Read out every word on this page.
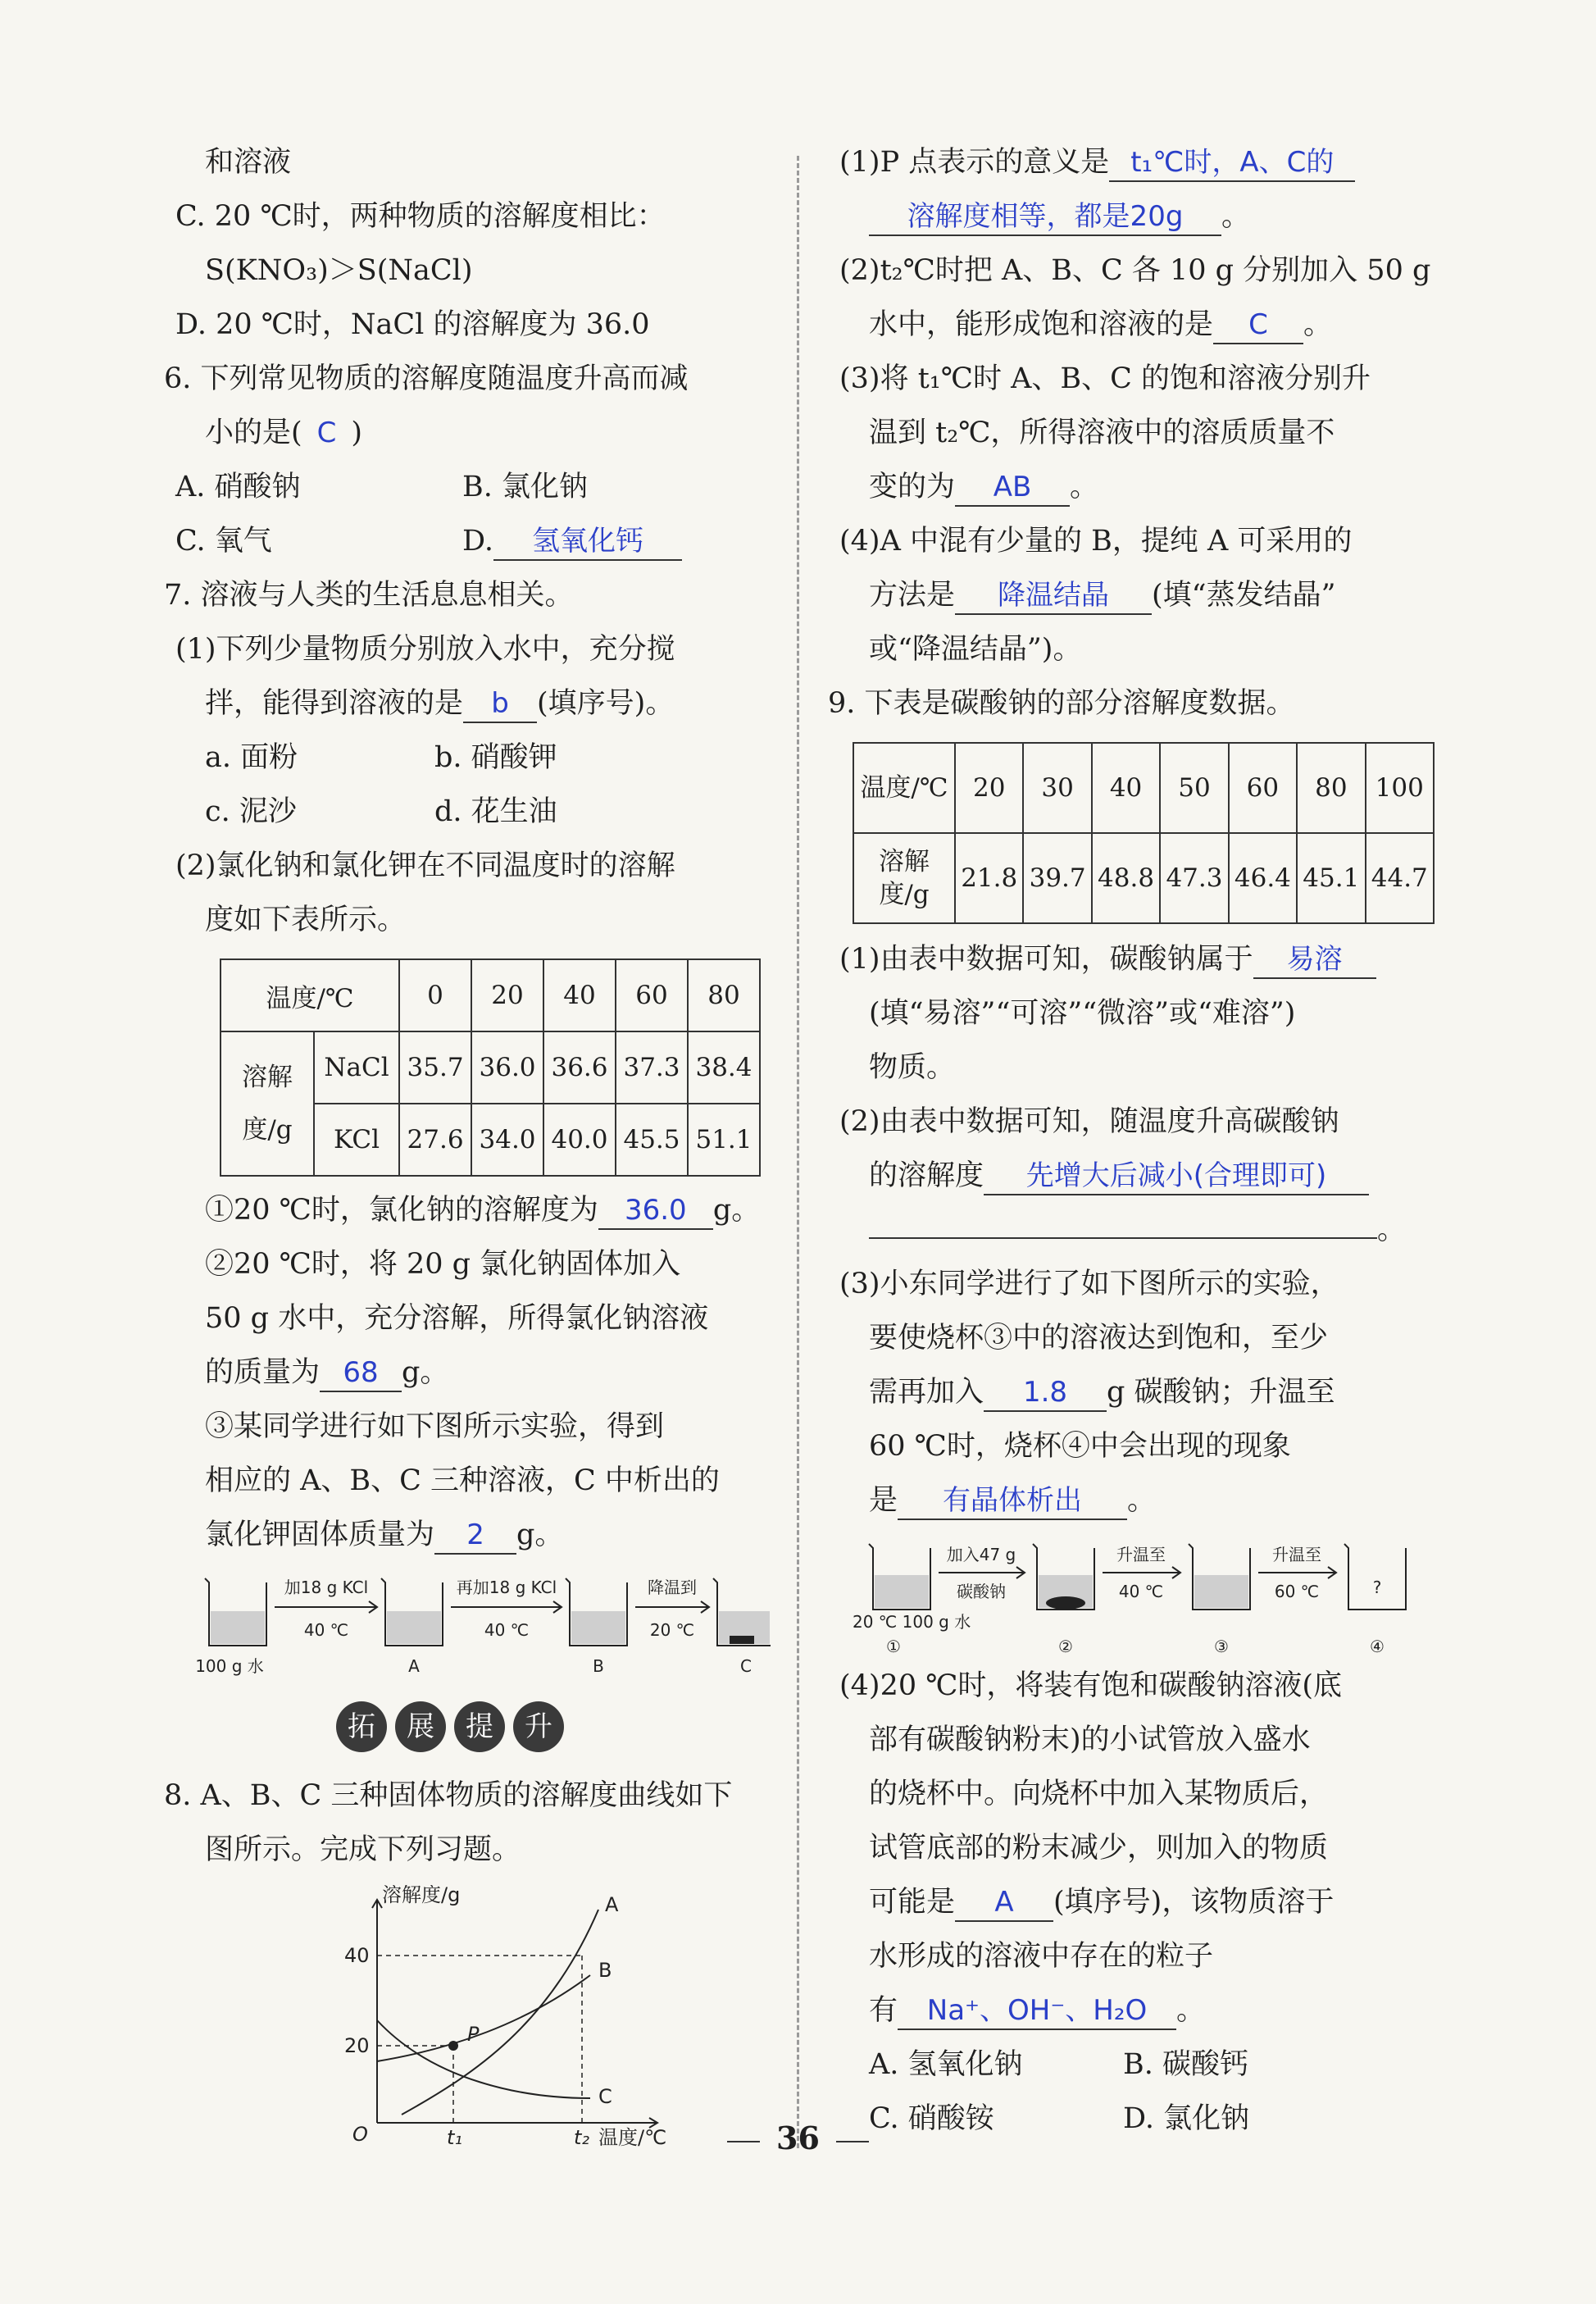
和溶液
C. 20 ℃时，两种物质的溶解度相比：
S(KNO₃)＞S(NaCl)
D. 20 ℃时，NaCl 的溶解度为 36.0
6. 下列常见物质的溶解度随温度升高而减
小的是( C )
A. 硝酸钠	B. 氯化钠
C. 氧气	D. 氢氧化钙
7. 溶液与人类的生活息息相关。
(1)下列少量物质分别放入水中，充分搅
拌，能得到溶液的是 b (填序号)。
a. 面粉	b. 硝酸钾
c. 泥沙	d. 花生油
(2)氯化钠和氯化钾在不同温度时的溶解
度如下表所示。
温度/℃		0	20	40	60	80
溶解度/g	NaCl	35.7	36.0	36.6	37.3	38.4
	KCl	27.6	34.0	40.0	45.5	51.1
①20 ℃时，氯化钠的溶解度为 36.0 g。
②20 ℃时，将 20 g 氯化钠固体加入
50 g 水中，充分溶解，所得氯化钠溶液
的质量为 68 g。
③某同学进行如下图所示实验，得到
相应的 A、B、C 三种溶液，C 中析出的
氯化钾固体质量为 2 g。
100 g 水	A	B	C
加18 g KCl
40 ℃
再加18 g KCl
40 ℃
降温到
20 ℃
拓 展 提 升
8. A、B、C 三种固体物质的溶解度曲线如下
图所示。完成下列习题。
溶解度/g
温度/℃
O
40
20
t₁	t₂
P
A
B
C
(1)P 点表示的意义是 t₁℃时，A、C的
溶解度相等，都是20g 。
(2)t₂℃时把 A、B、C 各 10 g 分别加入 50 g
水中，能形成饱和溶液的是 C 。
(3)将 t₁℃时 A、B、C 的饱和溶液分别升
温到 t₂℃，所得溶液中的溶质质量不
变的为 AB 。
(4)A 中混有少量的 B，提纯 A 可采用的
方法是 降温结晶 (填“蒸发结晶”
或“降温结晶”)。
9. 下表是碳酸钠的部分溶解度数据。
温度/℃	20	30	40	50	60	80	100
溶解度/g	21.8	39.7	48.8	47.3	46.4	45.1	44.7
(1)由表中数据可知，碳酸钠属于 易溶
(填“易溶”“可溶”“微溶”或“难溶”)
物质。
(2)由表中数据可知，随温度升高碳酸钠
的溶解度 先增大后减小(合理即可)
。
(3)小东同学进行了如下图所示的实验，
要使烧杯③中的溶液达到饱和，至少
需再加入 1.8 g 碳酸钠；升温至
60 ℃时，烧杯④中会出现的现象
是 有晶体析出 。
加入47 g
碳酸钠
升温至
40 ℃
升温至
60 ℃	?
20 ℃ 100 g 水
①	②	③	④
(4)20 ℃时，将装有饱和碳酸钠溶液(底
部有碳酸钠粉末)的小试管放入盛水
的烧杯中。向烧杯中加入某物质后，
试管底部的粉末减少，则加入的物质
可能是 A (填序号)，该物质溶于
水形成的溶液中存在的粒子
有 Na⁺、OH⁻、H₂O 。
A. 氢氧化钠	B. 碳酸钙
C. 硝酸铵	D. 氯化钠
36
